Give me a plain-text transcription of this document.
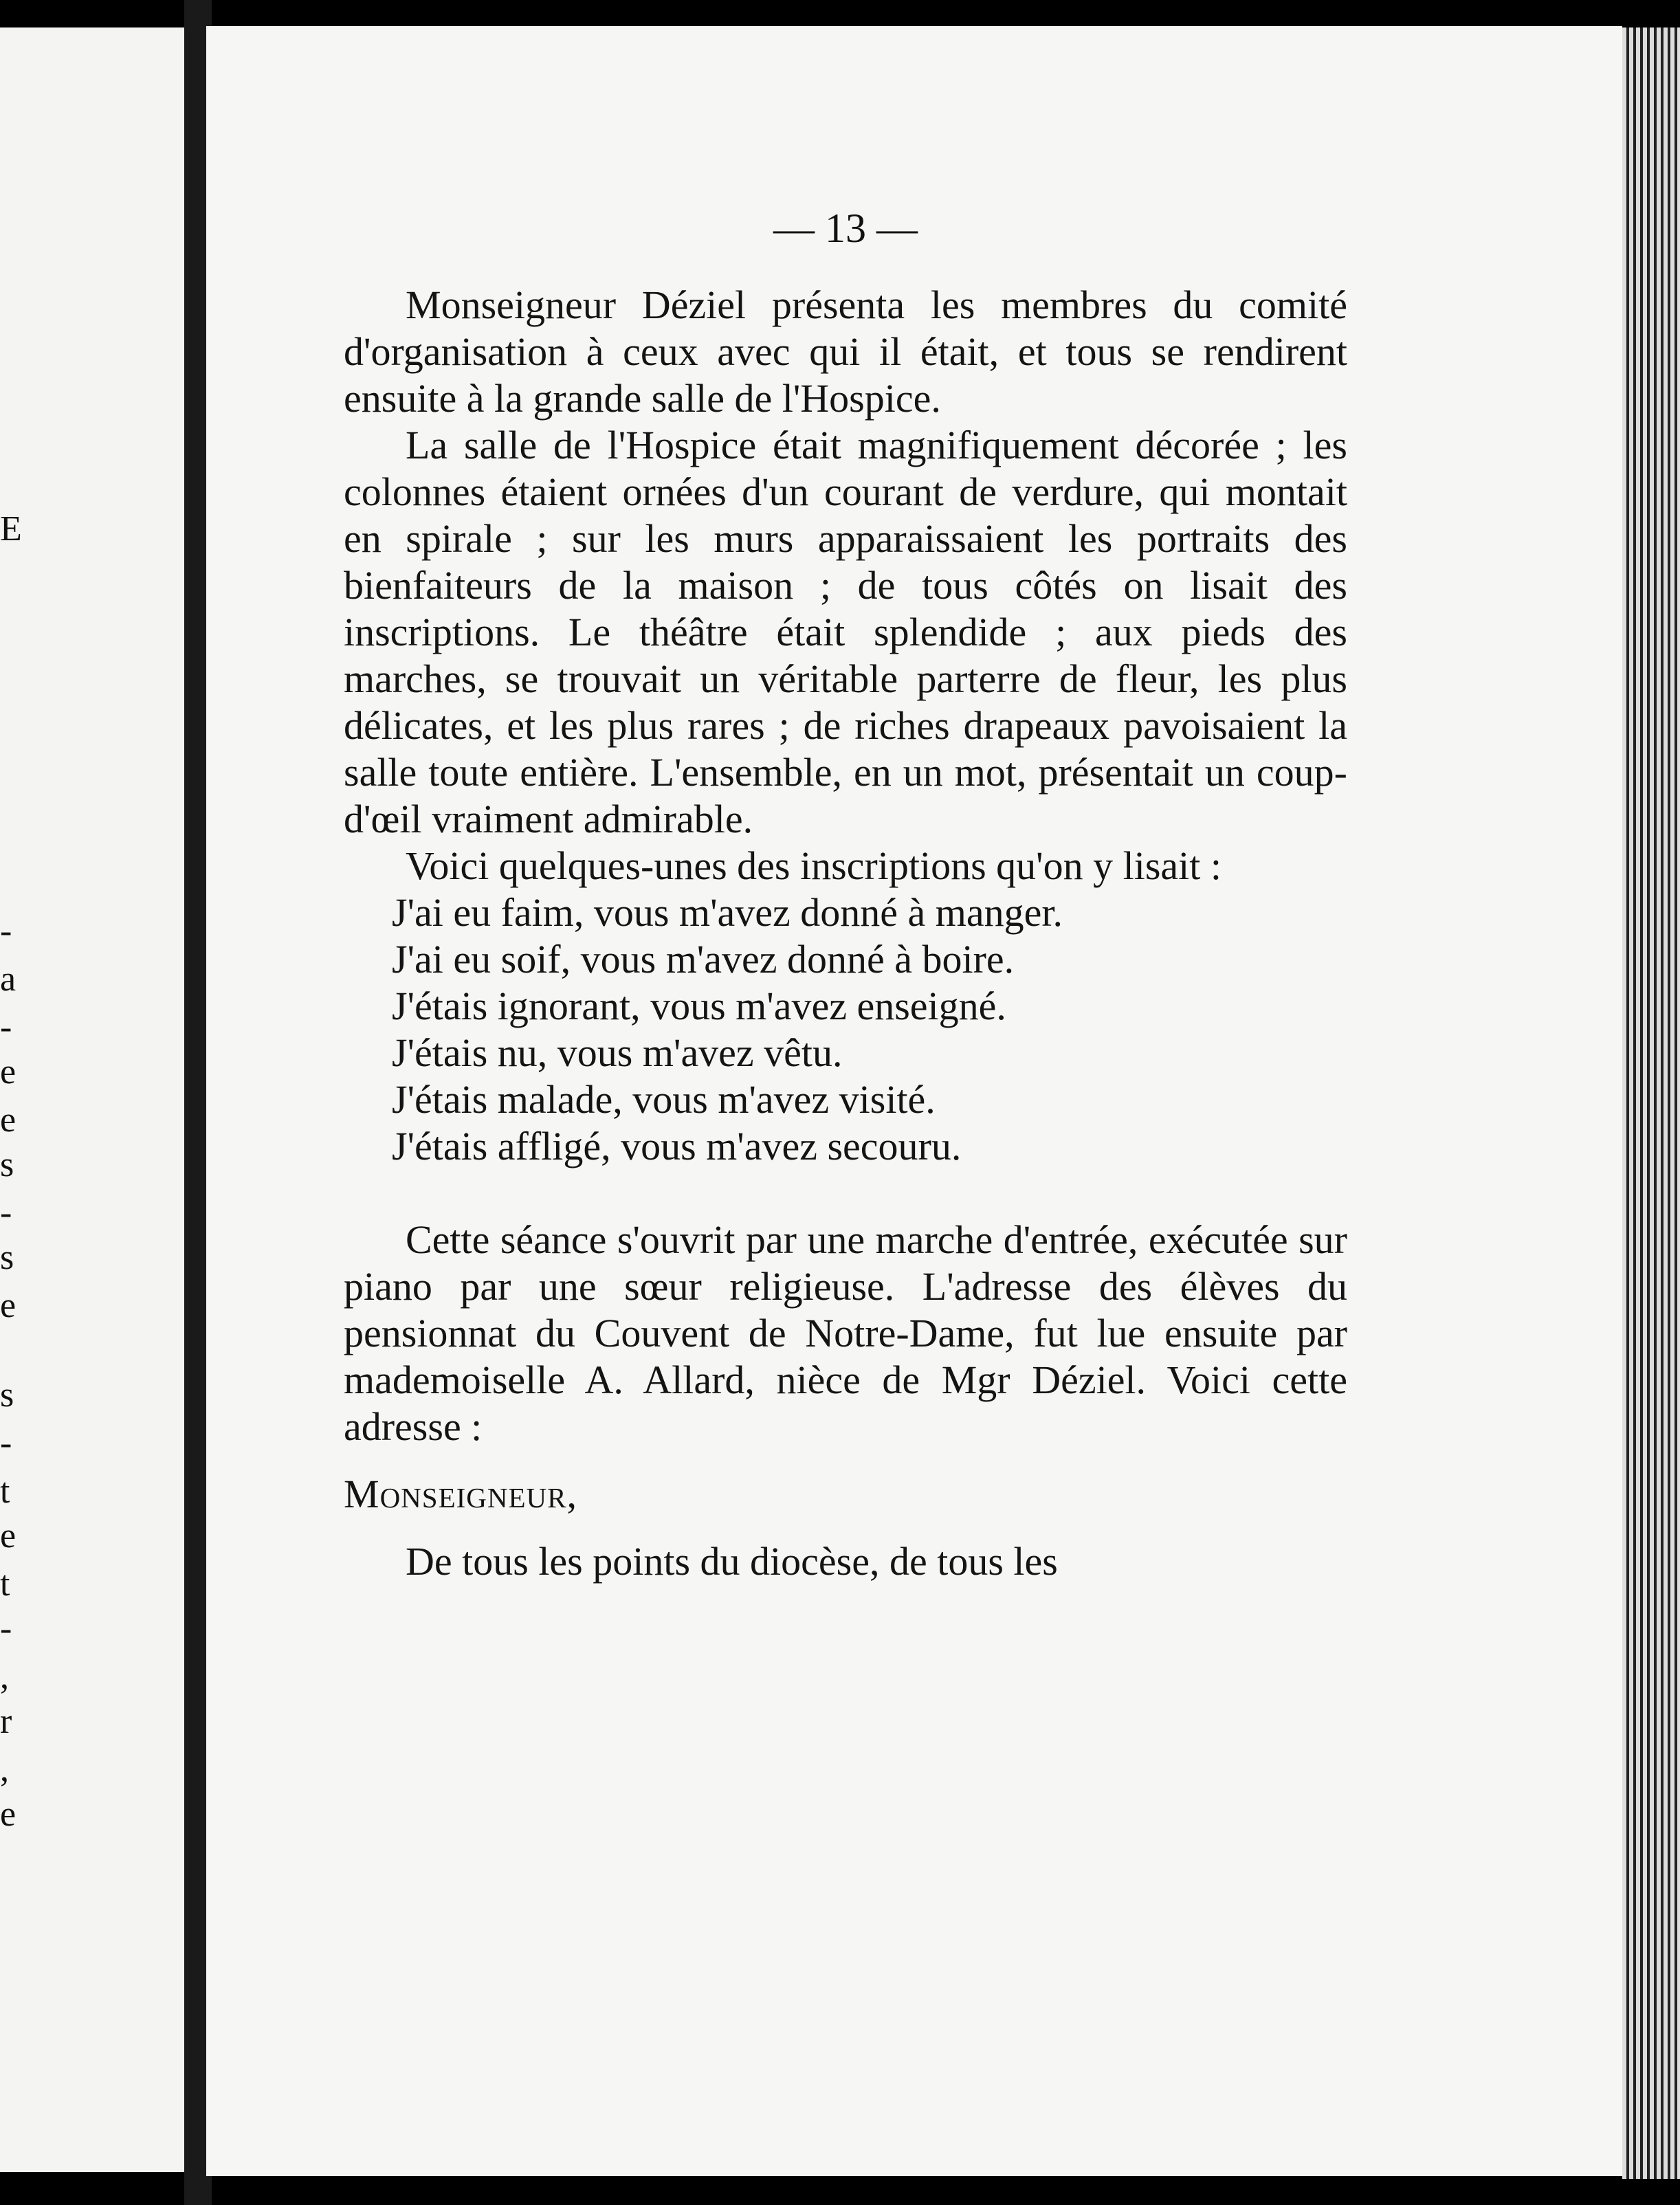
E
-
a
-
e
e
s
-
s
e
s
-
t
e
t
-
,
r
,
e
— 13 —

Monseigneur Déziel présenta les membres du comité d'organisation à ceux avec qui il était, et tous se rendirent ensuite à la grande salle de l'Hospice.

La salle de l'Hospice était magnifiquement décorée ; les colonnes étaient ornées d'un courant de verdure, qui montait en spirale ; sur les murs apparaissaient les portraits des bienfaiteurs de la maison ; de tous côtés on lisait des inscriptions. Le théâtre était splendide ; aux pieds des marches, se trouvait un véritable parterre de fleur, les plus délicates, et les plus rares ; de riches drapeaux pavoisaient la salle toute entière. L'ensemble, en un mot, présentait un coup-d'œil vraiment admirable.

Voici quelques-unes des inscriptions qu'on y lisait :

J'ai eu faim, vous m'avez donné à manger.
J'ai eu soif, vous m'avez donné à boire.
J'étais ignorant, vous m'avez enseigné.
J'étais nu, vous m'avez vêtu.
J'étais malade, vous m'avez visité.
J'étais affligé, vous m'avez secouru.

Cette séance s'ouvrit par une marche d'entrée, exécutée sur piano par une sœur religieuse. L'adresse des élèves du pensionnat du Couvent de Notre-Dame, fut lue ensuite par mademoiselle A. Allard, nièce de Mgr Déziel. Voici cette adresse :

Monseigneur,

De tous les points du diocèse, de tous les
